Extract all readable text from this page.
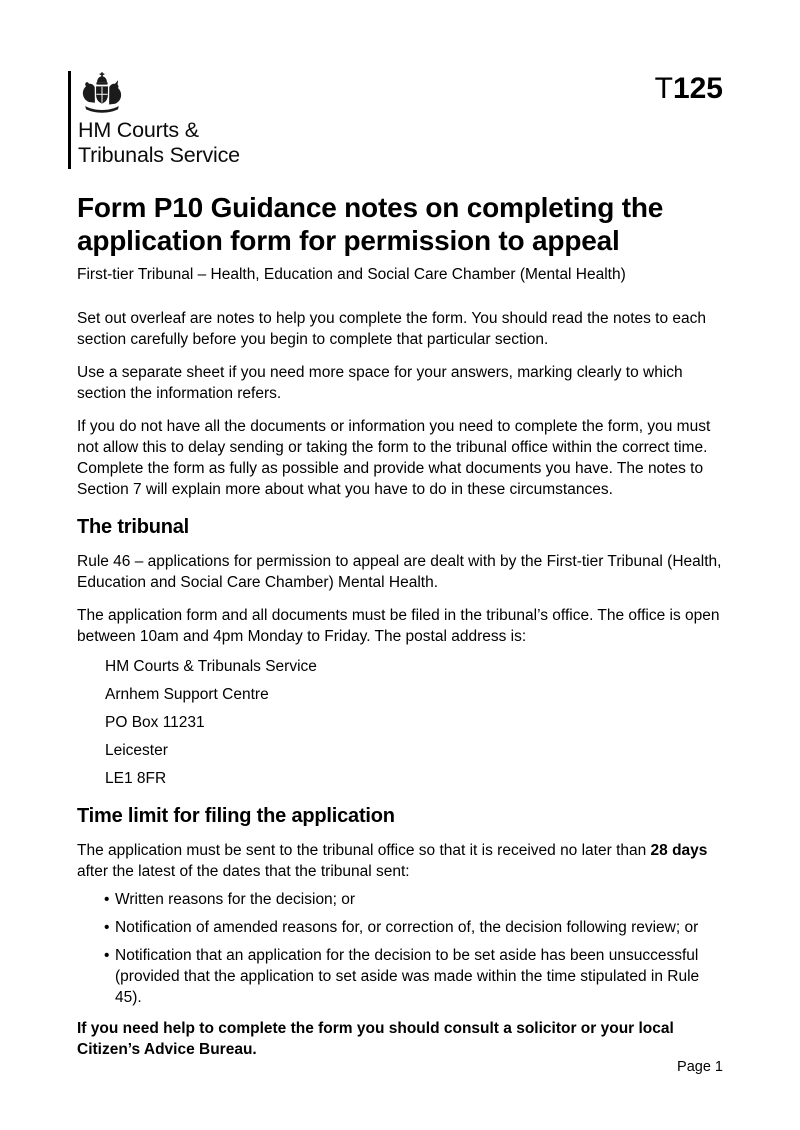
HM Courts &
Tribunals Service
T125
Form P10 Guidance notes on completing the
application form for permission to appeal

First-tier Tribunal – Health, Education and Social Care Chamber (Mental Health)

Set out overleaf are notes to help you complete the form. You should read the notes to each section carefully before you begin to complete that particular section.

Use a separate sheet if you need more space for your answers, marking clearly to which section the information refers.

If you do not have all the documents or information you need to complete the form, you must not allow this to delay sending or taking the form to the tribunal office within the correct time. Complete the form as fully as possible and provide what documents you have. The notes to Section 7 will explain more about what you have to do in these circumstances.

The tribunal

Rule 46 – applications for permission to appeal are dealt with by the First-tier Tribunal (Health, Education and Social Care Chamber) Mental Health.

The application form and all documents must be filed in the tribunal’s office. The office is open between 10am and 4pm Monday to Friday. The postal address is:

HM Courts & Tribunals Service
Arnhem Support Centre
PO Box 11231
Leicester
LE1 8FR
Time limit for filing the application

The application must be sent to the tribunal office so that it is received no later than 28 days after the latest of the dates that the tribunal sent:

• Written reasons for the decision; or
• Notification of amended reasons for, or correction of, the decision following review; or
• Notification that an application for the decision to be set aside has been unsuccessful (provided that the application to set aside was made within the time stipulated in Rule 45).

If you need help to complete the form you should consult a solicitor or your local Citizen’s Advice Bureau.

Page 1
